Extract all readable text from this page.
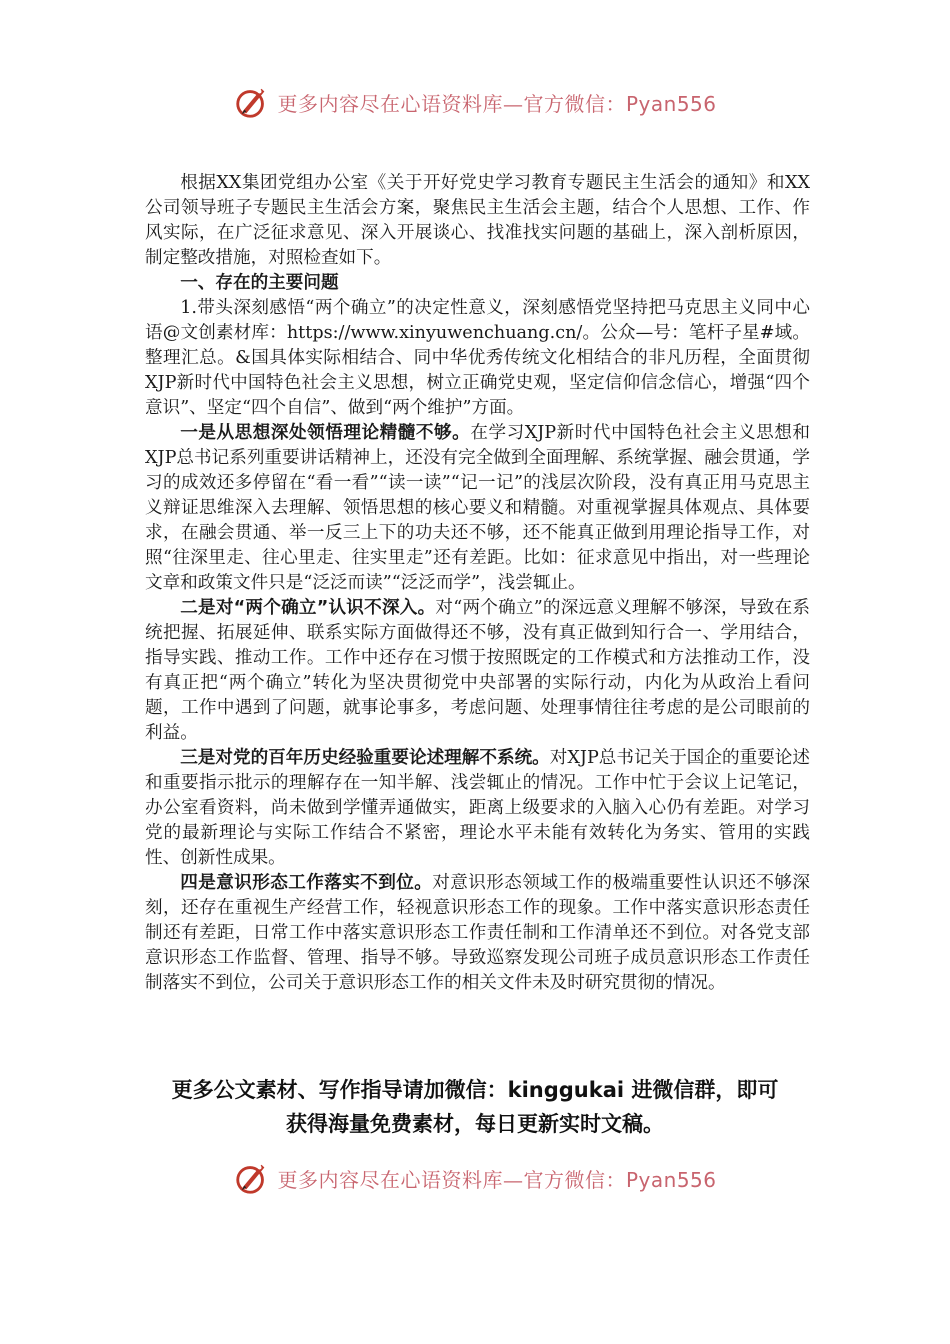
更多内容尽在心语资料库—官方微信：Pyan556

根据XX集团党组办公室《关于开好党史学习教育专题民主生活会的通知》和XX公司领导班子专题民主生活会方案，聚焦民主生活会主题，结合个人思想、工作、作风实际，在广泛征求意见、深入开展谈心、找准找实问题的基础上，深入剖析原因，制定整改措施，对照检查如下。

一、存在的主要问题

1.带头深刻感悟“两个确立”的决定性意义，深刻感悟党坚持把马克思主义同中心语@文创素材库：https://www.xinyuwenchuang.cn/。公众—号：笔杆子星#域。整理汇总。&国具体实际相结合、同中华优秀传统文化相结合的非凡历程，全面贯彻XJP新时代中国特色社会主义思想，树立正确党史观，坚定信仰信念信心，增强“四个意识”、坚定“四个自信”、做到“两个维护”方面。

一是从思想深处领悟理论精髓不够。在学习XJP新时代中国特色社会主义思想和XJP总书记系列重要讲话精神上，还没有完全做到全面理解、系统掌握、融会贯通，学习的成效还多停留在“看一看”“读一读”“记一记”的浅层次阶段，没有真正用马克思主义辩证思维深入去理解、领悟思想的核心要义和精髓。对重视掌握具体观点、具体要求，在融会贯通、举一反三上下的功夫还不够，还不能真正做到用理论指导工作，对照“往深里走、往心里走、往实里走”还有差距。比如：征求意见中指出，对一些理论文章和政策文件只是“泛泛而读”“泛泛而学”，浅尝辄止。

二是对“两个确立”认识不深入。对“两个确立”的深远意义理解不够深，导致在系统把握、拓展延伸、联系实际方面做得还不够，没有真正做到知行合一、学用结合，指导实践、推动工作。工作中还存在习惯于按照既定的工作模式和方法推动工作，没有真正把“两个确立”转化为坚决贯彻党中央部署的实际行动，内化为从政治上看问题，工作中遇到了问题，就事论事多，考虑问题、处理事情往往考虑的是公司眼前的利益。

三是对党的百年历史经验重要论述理解不系统。对XJP总书记关于国企的重要论述和重要指示批示的理解存在一知半解、浅尝辄止的情况。工作中忙于会议上记笔记，办公室看资料，尚未做到学懂弄通做实，距离上级要求的入脑入心仍有差距。对学习党的最新理论与实际工作结合不紧密，理论水平未能有效转化为务实、管用的实践性、创新性成果。

四是意识形态工作落实不到位。对意识形态领域工作的极端重要性认识还不够深刻，还存在重视生产经营工作，轻视意识形态工作的现象。工作中落实意识形态责任制还有差距，日常工作中落实意识形态工作责任制和工作清单还不到位。对各党支部意识形态工作监督、管理、指导不够。导致巡察发现公司班子成员意识形态工作责任制落实不到位，公司关于意识形态工作的相关文件未及时研究贯彻的情况。

更多公文素材、写作指导请加微信：kinggukai 进微信群，即可
获得海量免费素材，每日更新实时文稿。
更多内容尽在心语资料库—官方微信：Pyan556
